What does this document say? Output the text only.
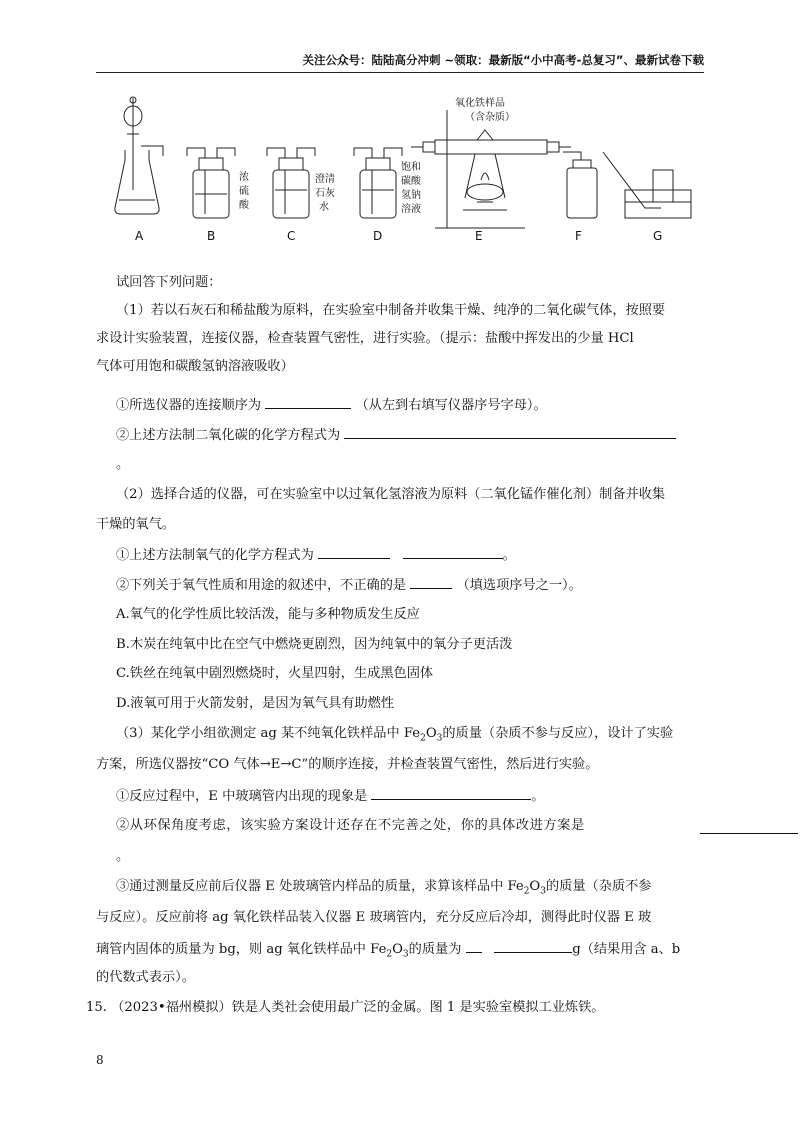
关注公众号：陆陆高分冲刺 ~领取：最新版“小中高考-总复习”、最新试卷下载
浓
硫
酸
澄清
石灰
水
饱和
碳酸
氢钠
溶液
氧化铁样品
（含杂质）
A	B	C	D	E	F	G
试回答下列问题：
（1）若以石灰石和稀盐酸为原料，在实验室中制备并收集干燥、纯净的二氧化碳气体，按照要
求设计实验装置，连接仪器，检查装置气密性，进行实验。（提示：盐酸中挥发出的少量 HCl
气体可用饱和碳酸氢钠溶液吸收）
①所选仪器的连接顺序为	（从左到右填写仪器序号字母）。
②上述方法制二氧化碳的化学方程式为
。
（2）选择合适的仪器，可在实验室中以过氧化氢溶液为原料（二氧化锰作催化剂）制备并收集
干燥的氧气。
①上述方法制氧气的化学方程式为	。
②下列关于氧气性质和用途的叙述中，不正确的是	（填选项序号之一）。
A.氧气的化学性质比较活泼，能与多种物质发生反应
B.木炭在纯氧中比在空气中燃烧更剧烈，因为纯氧中的氧分子更活泼
C.铁丝在纯氧中剧烈燃烧时，火星四射，生成黑色固体
D.液氧可用于火箭发射，是因为氧气具有助燃性
（3）某化学小组欲测定 ag 某不纯氧化铁样品中 $Fe_2O_3$的质量（杂质不参与反应），设计了实验
方案，所选仪器按“CO 气体→E→C”的顺序连接，并检查装置气密性，然后进行实验。
①反应过程中，E 中玻璃管内出现的现象是	。
②从环保角度考虑，该实验方案设计还存在不完善之处，你的具体改进方案是
。
③通过测量反应前后仪器 E 处玻璃管内样品的质量，求算该样品中 $Fe_2O_3$的质量（杂质不参
与反应）。反应前将 ag 氧化铁样品装入仪器 E 玻璃管内，充分反应后冷却，测得此时仪器 E 玻
璃管内固体的质量为 bg，则 ag 氧化铁样品中 $Fe_2O_3$的质量为	g（结果用含 a、b
的代数式表示）。
15. （2023•福州模拟）铁是人类社会使用最广泛的金属。图 1 是实验室模拟工业炼铁。
8
